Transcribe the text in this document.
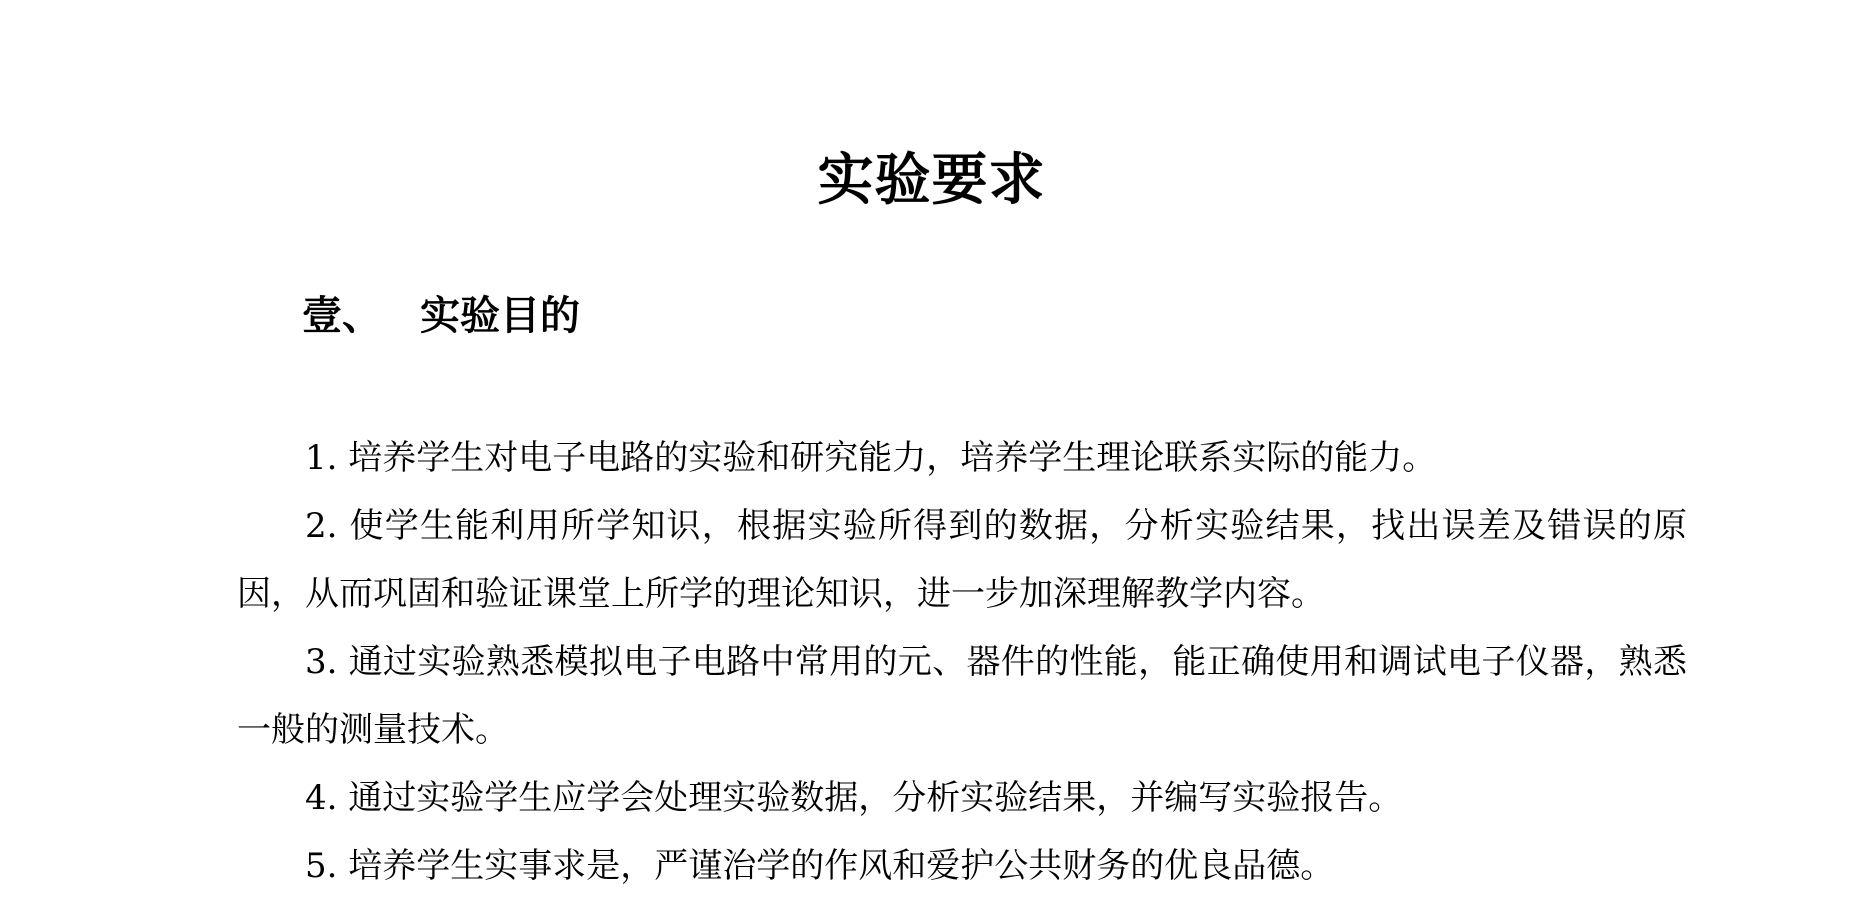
实验要求
壹、 实验目的

1. 培养学生对电子电路的实验和研究能力，培养学生理论联系实际的能力。

2. 使学生能利用所学知识，根据实验所得到的数据，分析实验结果，找出误差及错误的原因，从而巩固和验证课堂上所学的理论知识，进一步加深理解教学内容。

3. 通过实验熟悉模拟电子电路中常用的元、器件的性能，能正确使用和调试电子仪器，熟悉一般的测量技术。

4. 通过实验学生应学会处理实验数据，分析实验结果，并编写实验报告。

5. 培养学生实事求是，严谨治学的作风和爱护公共财务的优良品德。
